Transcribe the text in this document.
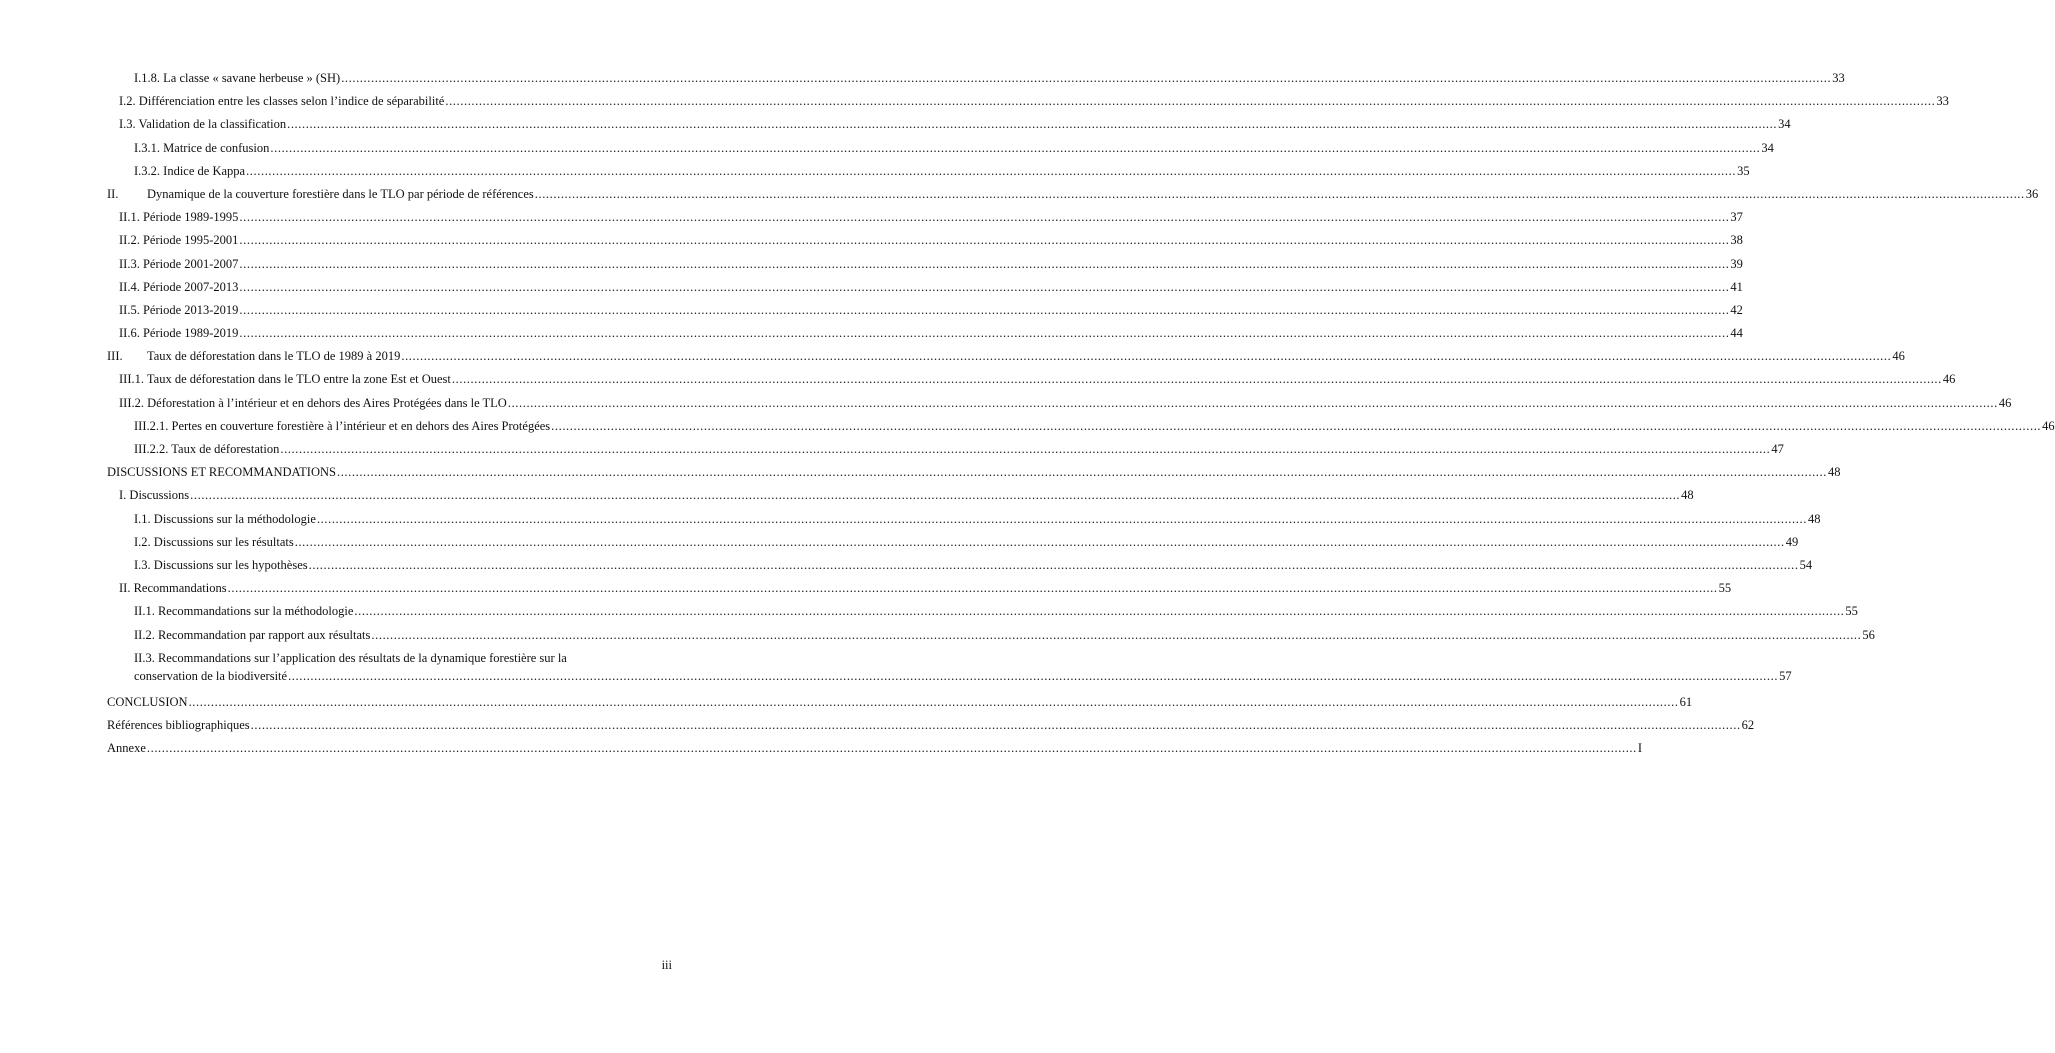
I.1.8. La classe « savane herbeuse » (SH) ................................................................................................................................................................................................................................................................................................................................................................................................................ 33
I.2. Différenciation entre les classes selon l’indice de séparabilité ................................................................................................................................................................................................................................................................................................................................................................................................................ 33
I.3. Validation de la classification ................................................................................................................................................................................................................................................................................................................................................................................................................ 34
I.3.1. Matrice de confusion ................................................................................................................................................................................................................................................................................................................................................................................................................ 34
I.3.2. Indice de Kappa ................................................................................................................................................................................................................................................................................................................................................................................................................ 35
II. Dynamique de la couverture forestière dans le TLO par période de références ................................................................................................................................................................................................................................................................................................................................................................................................................ 36
II.1. Période 1989-1995 ................................................................................................................................................................................................................................................................................................................................................................................................................ 37
II.2. Période 1995-2001 ................................................................................................................................................................................................................................................................................................................................................................................................................ 38
II.3. Période 2001-2007 ................................................................................................................................................................................................................................................................................................................................................................................................................ 39
II.4. Période 2007-2013 ................................................................................................................................................................................................................................................................................................................................................................................................................ 41
II.5. Période 2013-2019 ................................................................................................................................................................................................................................................................................................................................................................................................................ 42
II.6. Période 1989-2019 ................................................................................................................................................................................................................................................................................................................................................................................................................ 44
III. Taux de déforestation dans le TLO de 1989 à 2019 ................................................................................................................................................................................................................................................................................................................................................................................................................ 46
III.1. Taux de déforestation dans le TLO entre la zone Est et Ouest ................................................................................................................................................................................................................................................................................................................................................................................................................ 46
III.2. Déforestation à l’intérieur et en dehors des Aires Protégées dans le TLO ................................................................................................................................................................................................................................................................................................................................................................................................................ 46
III.2.1. Pertes en couverture forestière à l’intérieur et en dehors des Aires Protégées ................................................................................................................................................................................................................................................................................................................................................................................................................ 46
III.2.2. Taux de déforestation ................................................................................................................................................................................................................................................................................................................................................................................................................ 47
DISCUSSIONS ET RECOMMANDATIONS ................................................................................................................................................................................................................................................................................................................................................................................................................ 48
I. Discussions ................................................................................................................................................................................................................................................................................................................................................................................................................ 48
I.1. Discussions sur la méthodologie ................................................................................................................................................................................................................................................................................................................................................................................................................ 48
I.2. Discussions sur les résultats ................................................................................................................................................................................................................................................................................................................................................................................................................ 49
I.3. Discussions sur les hypothèses ................................................................................................................................................................................................................................................................................................................................................................................................................ 54
II. Recommandations ................................................................................................................................................................................................................................................................................................................................................................................................................ 55
II.1. Recommandations sur la méthodologie ................................................................................................................................................................................................................................................................................................................................................................................................................ 55
II.2. Recommandation par rapport aux résultats ................................................................................................................................................................................................................................................................................................................................................................................................................ 56
II.3. Recommandations sur l’application des résultats de la dynamique forestière sur la
conservation de la biodiversité ................................................................................................................................................................................................................................................................................................................................................................................................................ 57
CONCLUSION ................................................................................................................................................................................................................................................................................................................................................................................................................ 61
Références bibliographiques ................................................................................................................................................................................................................................................................................................................................................................................................................ 62
Annexe ................................................................................................................................................................................................................................................................................................................................................................................................................ I
iii
